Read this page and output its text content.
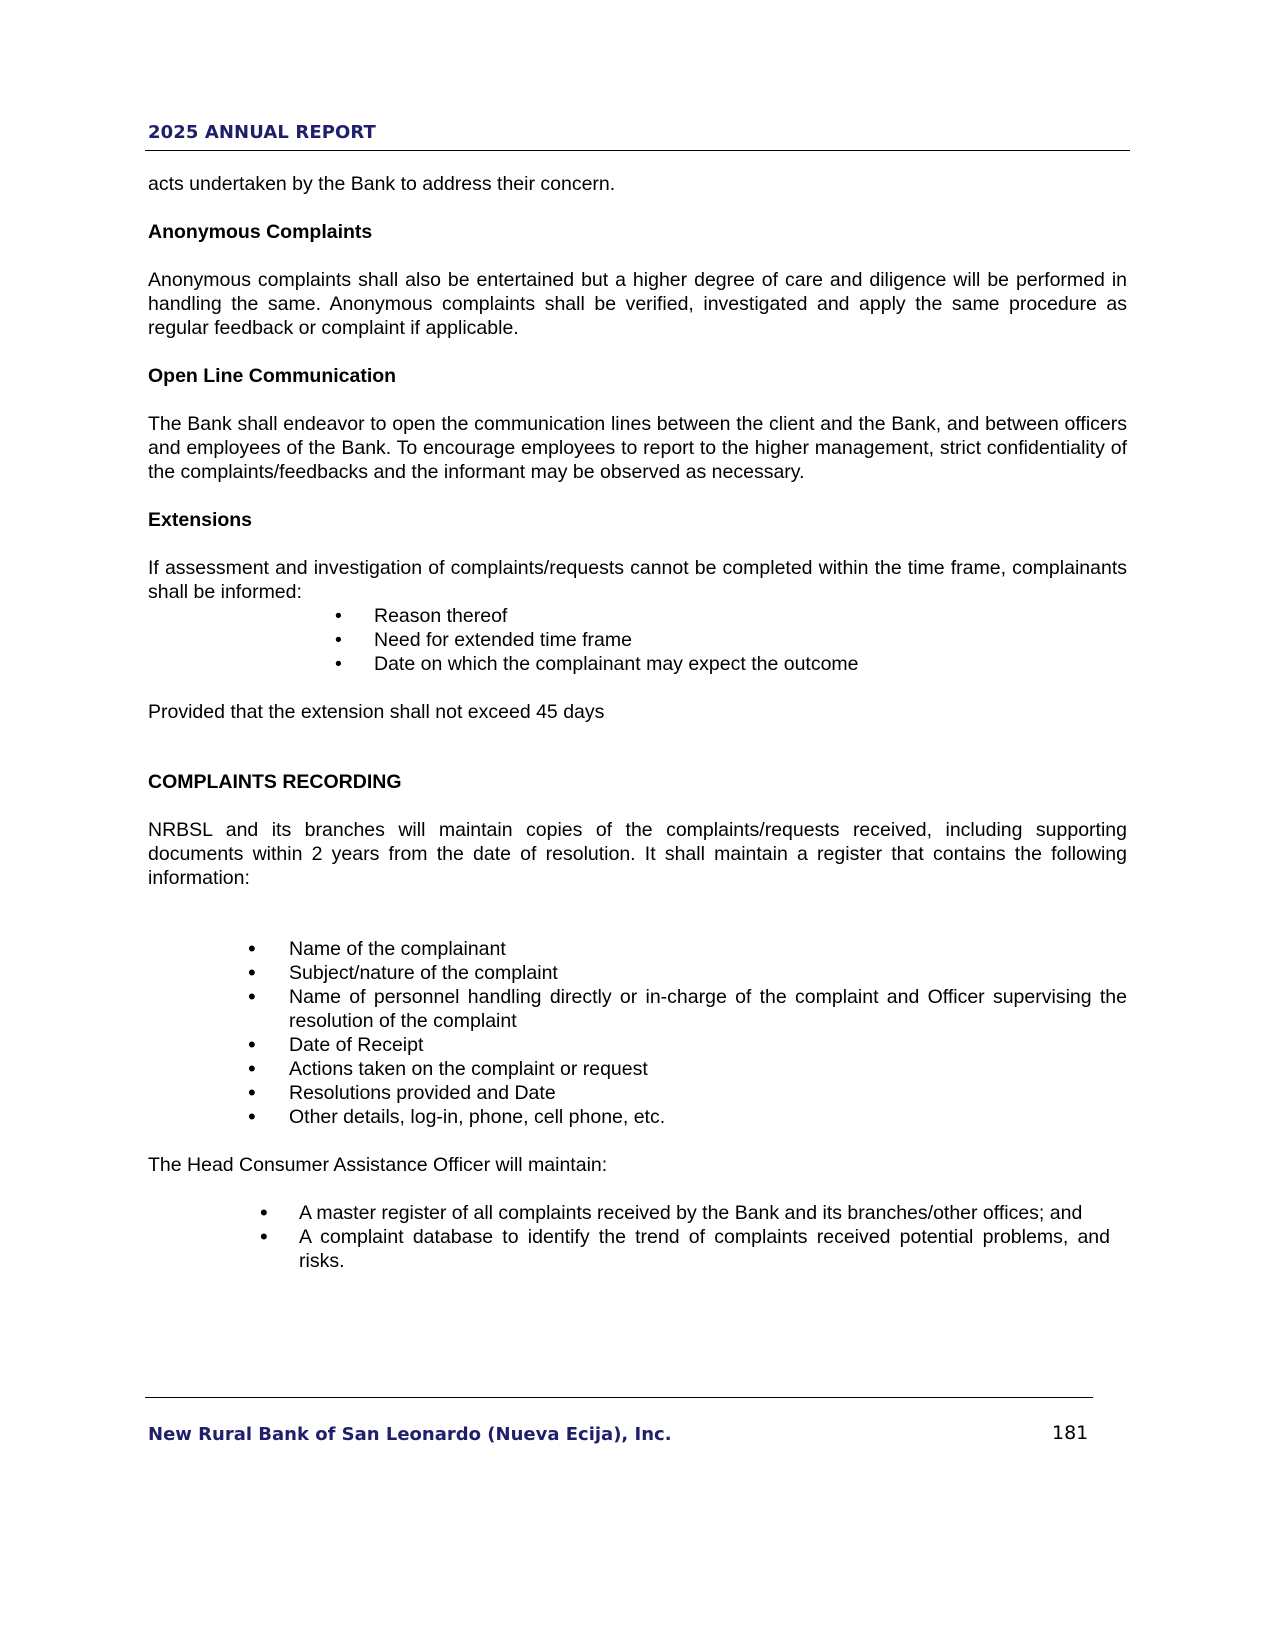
2025 ANNUAL REPORT

acts undertaken by the Bank to address their concern.

Anonymous Complaints

Anonymous complaints shall also be entertained but a higher degree of care and diligence will be performed in handling the same. Anonymous complaints shall be verified, investigated and apply the same procedure as regular feedback or complaint if applicable.

Open Line Communication

The Bank shall endeavor to open the communication lines between the client and the Bank, and between officers and employees of the Bank. To encourage employees to report to the higher management, strict confidentiality of the complaints/feedbacks and the informant may be observed as necessary.

Extensions

If assessment and investigation of complaints/requests cannot be completed within the time frame, complainants shall be informed:

• Reason thereof
• Need for extended time frame
• Date on which the complainant may expect the outcome

Provided that the extension shall not exceed 45 days

COMPLAINTS RECORDING

NRBSL and its branches will maintain copies of the complaints/requests received, including supporting documents within 2 years from the date of resolution. It shall maintain a register that contains the following information:

• Name of the complainant
• Subject/nature of the complaint
• Name of personnel handling directly or in-charge of the complaint and Officer supervising the resolution of the complaint
• Date of Receipt
• Actions taken on the complaint or request
• Resolutions provided and Date
• Other details, log-in, phone, cell phone, etc.

The Head Consumer Assistance Officer will maintain:

• A master register of all complaints received by the Bank and its branches/other offices; and
• A complaint database to identify the trend of complaints received potential problems, and risks.
New Rural Bank of San Leonardo (Nueva Ecija), Inc.	181
